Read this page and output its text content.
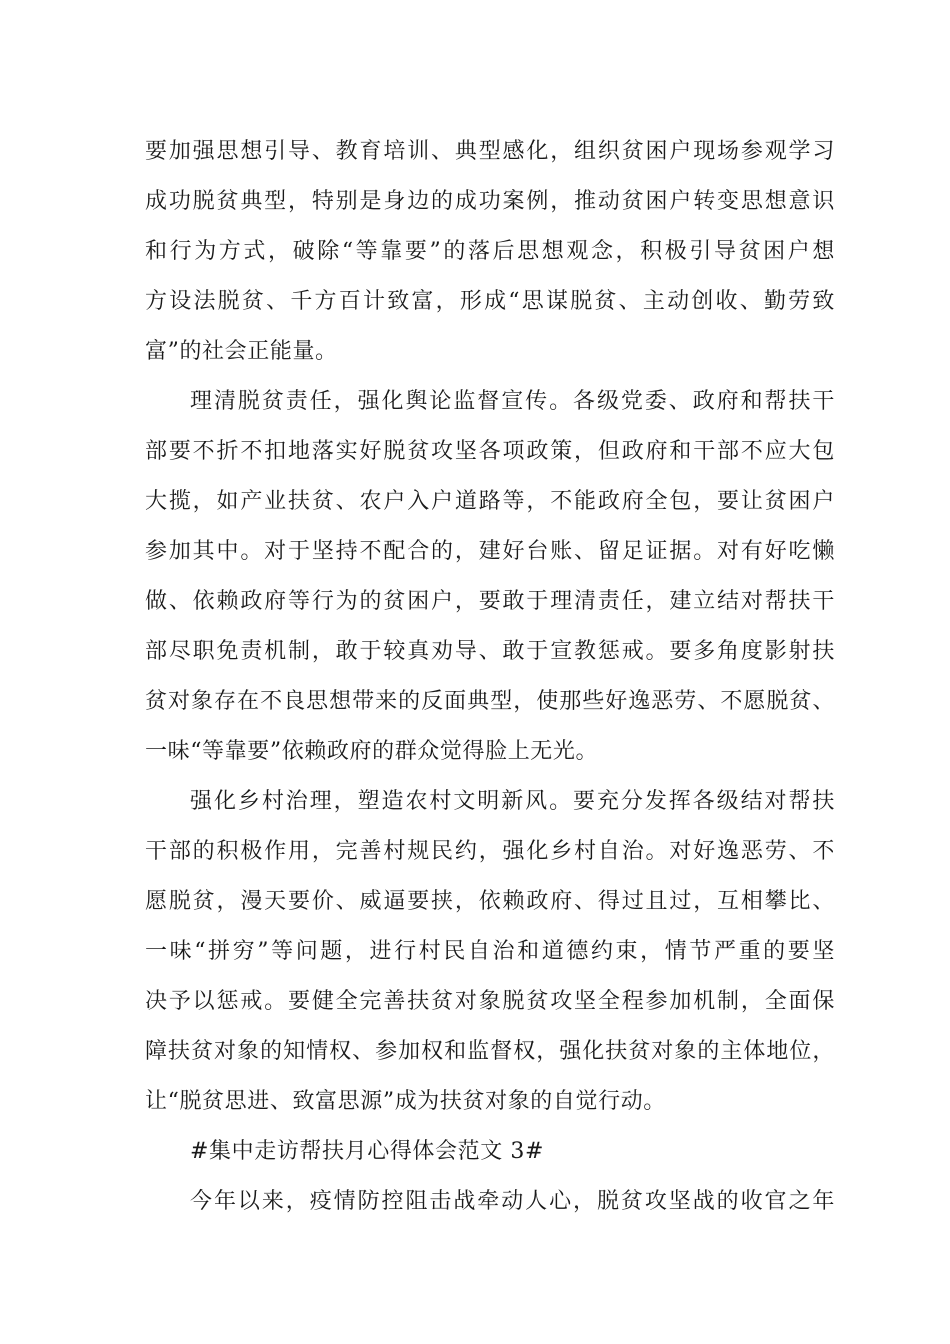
要加强思想引导、教育培训、典型感化，组织贫困户现场参观学习
成功脱贫典型，特别是身边的成功案例，推动贫困户转变思想意识
和行为方式，破除“等靠要”的落后思想观念，积极引导贫困户想
方设法脱贫、千方百计致富，形成“思谋脱贫、主动创收、勤劳致
富”的社会正能量。
理清脱贫责任，强化舆论监督宣传。各级党委、政府和帮扶干
部要不折不扣地落实好脱贫攻坚各项政策，但政府和干部不应大包
大揽，如产业扶贫、农户入户道路等，不能政府全包，要让贫困户
参加其中。对于坚持不配合的，建好台账、留足证据。对有好吃懒
做、依赖政府等行为的贫困户，要敢于理清责任，建立结对帮扶干
部尽职免责机制，敢于较真劝导、敢于宣教惩戒。要多角度影射扶
贫对象存在不良思想带来的反面典型，使那些好逸恶劳、不愿脱贫、
一味“等靠要”依赖政府的群众觉得脸上无光。
强化乡村治理，塑造农村文明新风。要充分发挥各级结对帮扶
干部的积极作用，完善村规民约，强化乡村自治。对好逸恶劳、不
愿脱贫，漫天要价、威逼要挟，依赖政府、得过且过，互相攀比、
一味“拼穷”等问题，进行村民自治和道德约束，情节严重的要坚
决予以惩戒。要健全完善扶贫对象脱贫攻坚全程参加机制，全面保
障扶贫对象的知情权、参加权和监督权，强化扶贫对象的主体地位，
让“脱贫思进、致富思源”成为扶贫对象的自觉行动。
#集中走访帮扶月心得体会范文 3#
今年以来，疫情防控阻击战牵动人心，脱贫攻坚战的收官之年
